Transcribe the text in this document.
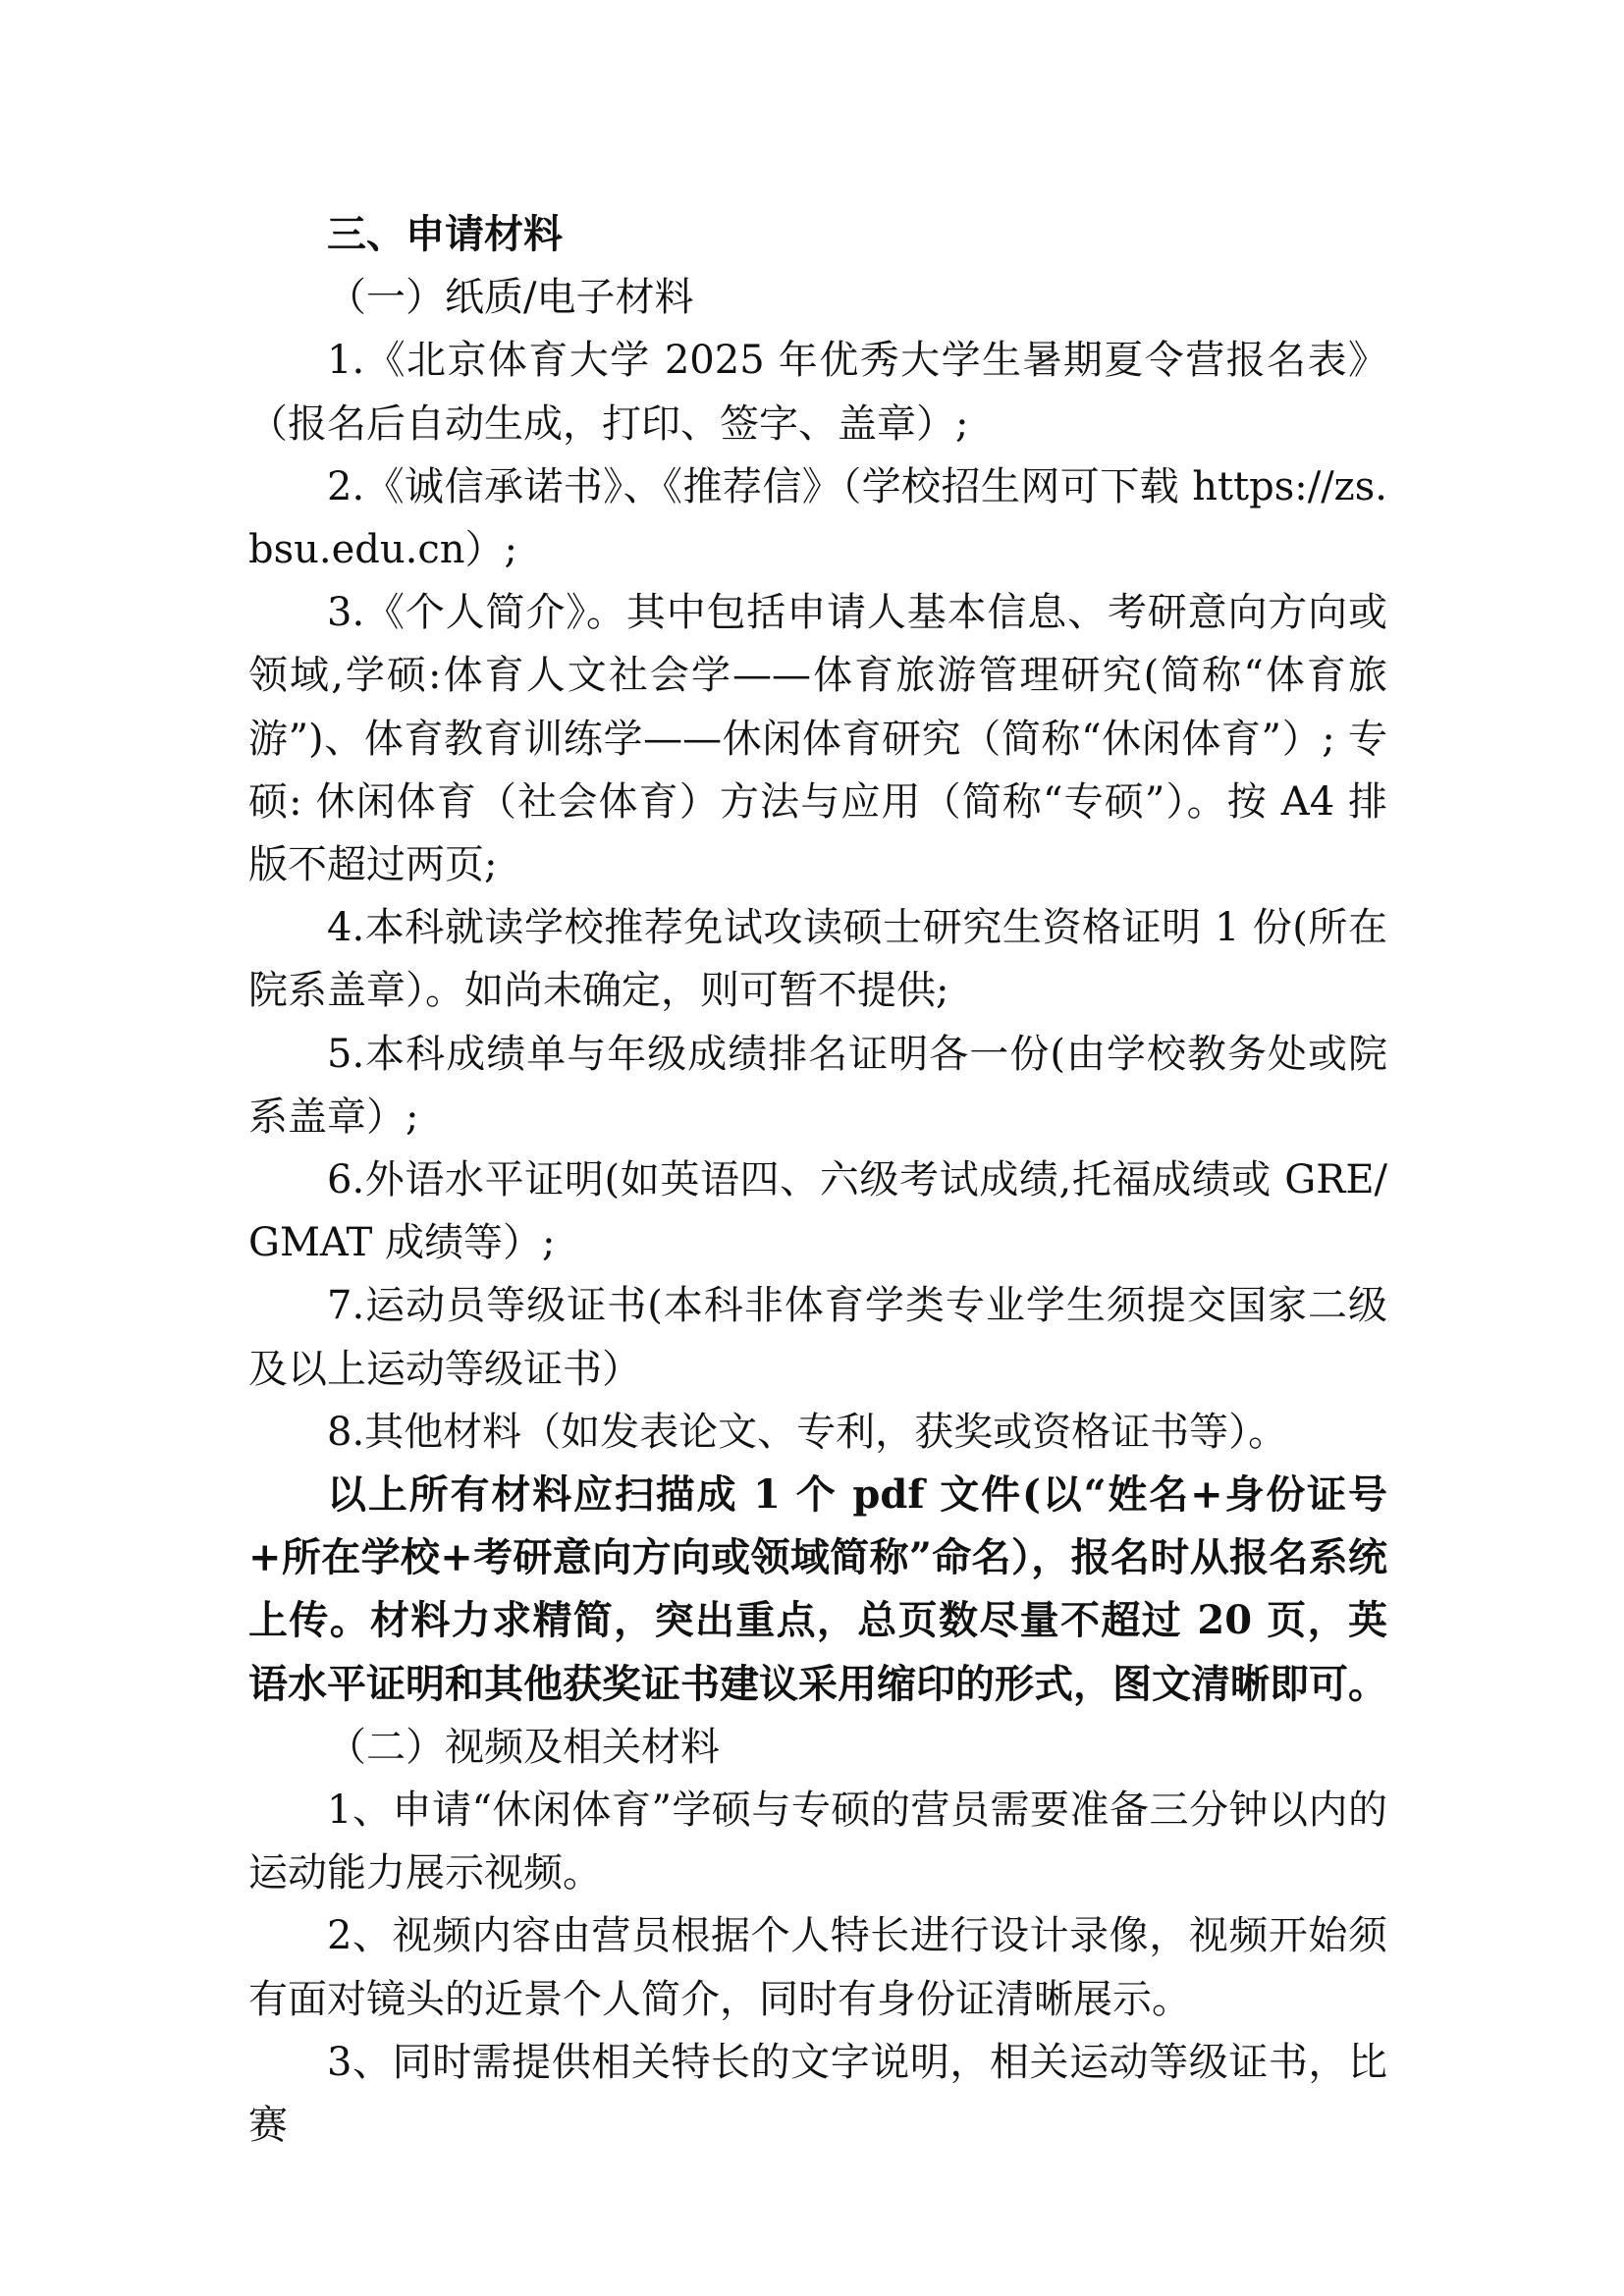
三、申请材料

（一）纸质/电子材料

1.《北京体育大学 2025 年优秀大学生暑期夏令营报名表》（报名后自动生成，打印、签字、盖章）;

2.《诚信承诺书》、《推荐信》（学校招生网可下载 https://zs.bsu.edu.cn）;

3.《个人简介》。其中包括申请人基本信息、考研意向方向或领域,学硕:体育人文社会学——体育旅游管理研究(简称“体育旅游”)、体育教育训练学——休闲体育研究（简称“休闲体育”）; 专硕: 休闲体育（社会体育）方法与应用（简称“专硕”）。按 A4 排版不超过两页;

4.本科就读学校推荐免试攻读硕士研究生资格证明 1 份(所在院系盖章）。如尚未确定，则可暂不提供;

5.本科成绩单与年级成绩排名证明各一份(由学校教务处或院系盖章）;

6.外语水平证明(如英语四、六级考试成绩,托福成绩或 GRE/GMAT 成绩等）;

7.运动员等级证书(本科非体育学类专业学生须提交国家二级及以上运动等级证书）

8.其他材料（如发表论文、专利，获奖或资格证书等）。

以上所有材料应扫描成 1 个 pdf 文件(以“姓名+身份证号+所在学校+考研意向方向或领域简称”命名），报名时从报名系统上传。材料力求精简，突出重点，总页数尽量不超过 20 页，英语水平证明和其他获奖证书建议采用缩印的形式，图文清晰即可。

（二）视频及相关材料

1、申请“休闲体育”学硕与专硕的营员需要准备三分钟以内的运动能力展示视频。

2、视频内容由营员根据个人特长进行设计录像，视频开始须有面对镜头的近景个人简介，同时有身份证清晰展示。

3、同时需提供相关特长的文字说明，相关运动等级证书，比赛
